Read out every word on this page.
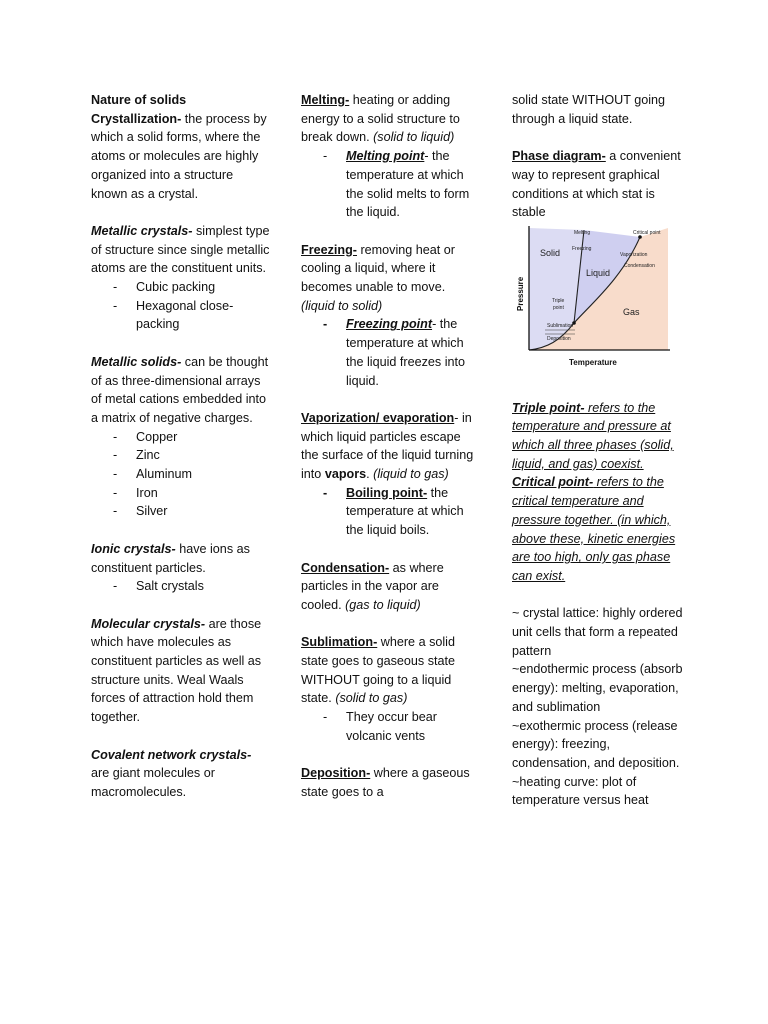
Nature of solids

Crystallization- the process by which a solid forms, where the atoms or molecules are highly organized into a structure known as a crystal.

Metallic crystals- simplest type of structure since single metallic atoms are the constituent units.

- Cubic packing
- Hexagonal close-packing

Metallic solids- can be thought of as three-dimensional arrays of metal cations embedded into a matrix of negative charges.

- Copper
- Zinc
- Aluminum
- Iron
- Silver

Ionic crystals- have ions as constituent particles.

- Salt crystals

Molecular crystals- are those which have molecules as constituent particles as well as structure units. Weal Waals forces of attraction hold them together.

Covalent network crystals- are giant molecules or macromolecules.

Melting- heating or adding energy to a solid structure to break down. (solid to liquid)

- Melting point- the temperature at which the solid melts to form the liquid.

Freezing- removing heat or cooling a liquid, where it becomes unable to move. (liquid to solid)

- Freezing point- the temperature at which the liquid freezes into liquid.

Vaporization/ evaporation- in which liquid particles escape the surface of the liquid turning into vapors. (liquid to gas)

- Boiling point- the temperature at which the liquid boils.

Condensation- as where particles in the vapor are cooled. (gas to liquid)

Sublimation- where a solid state goes to gaseous state WITHOUT going to a liquid state. (solid to gas)

- They occur bear volcanic vents

Deposition- where a gaseous state goes to a

solid state WITHOUT going through a liquid state.

Phase diagram- a convenient way to represent graphical conditions at which stat is stable

Solid
Liquid
Gas
Melting
Freezing
Critical point
Vaporization
Condensation
Triple
point
Sublimation
Deposition
Pressure
Temperature

Triple point- refers to the temperature and pressure at which all three phases (solid, liquid, and gas) coexist.

Critical point- refers to the critical temperature and pressure together. (in which, above these, kinetic energies are too high, only gas phase can exist.

~ crystal lattice: highly ordered unit cells that form a repeated pattern

~endothermic process (absorb energy): melting, evaporation, and sublimation

~exothermic process (release energy): freezing, condensation, and deposition.

~heating curve: plot of temperature versus heat
